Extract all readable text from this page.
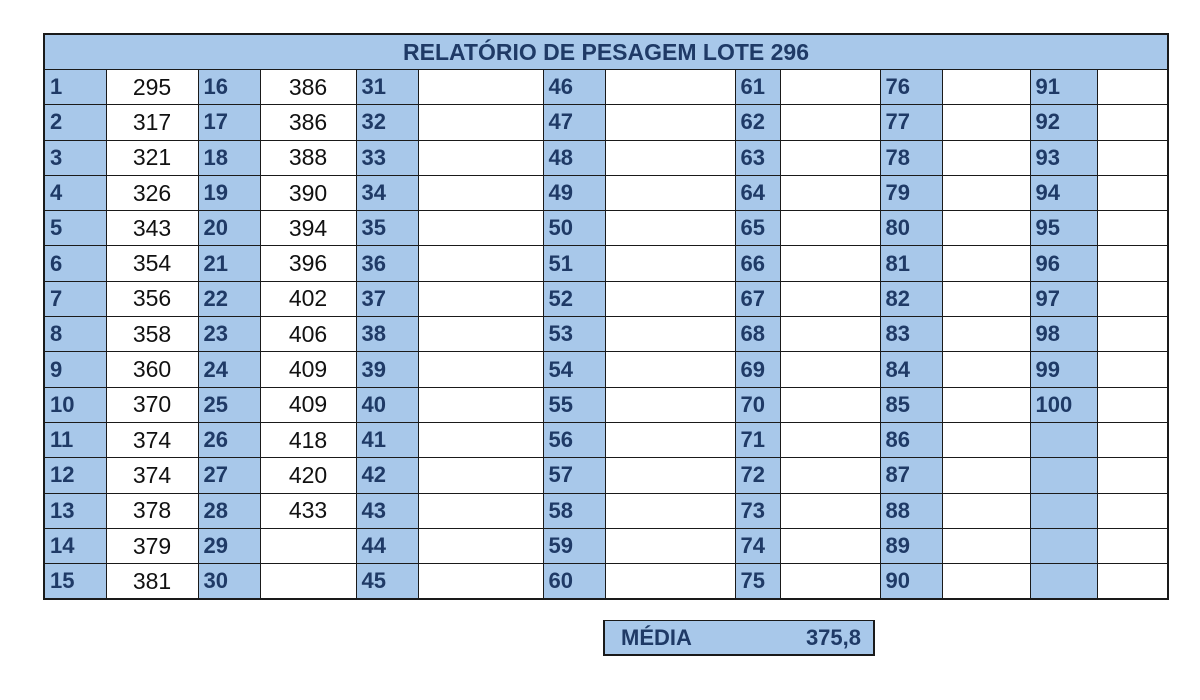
RELATÓRIO DE PESAGEM LOTE 296													
1	295	16	386	31		46		61		76		91	
2	317	17	386	32		47		62		77		92	
3	321	18	388	33		48		63		78		93	
4	326	19	390	34		49		64		79		94	
5	343	20	394	35		50		65		80		95	
6	354	21	396	36		51		66		81		96	
7	356	22	402	37		52		67		82		97	
8	358	23	406	38		53		68		83		98	
9	360	24	409	39		54		69		84		99	
10	370	25	409	40		55		70		85		100	
11	374	26	418	41		56		71		86			
12	374	27	420	42		57		72		87			
13	378	28	433	43		58		73		88			
14	379	29		44		59		74		89			
15	381	30		45		60		75		90			
MÉDIA	375,8
